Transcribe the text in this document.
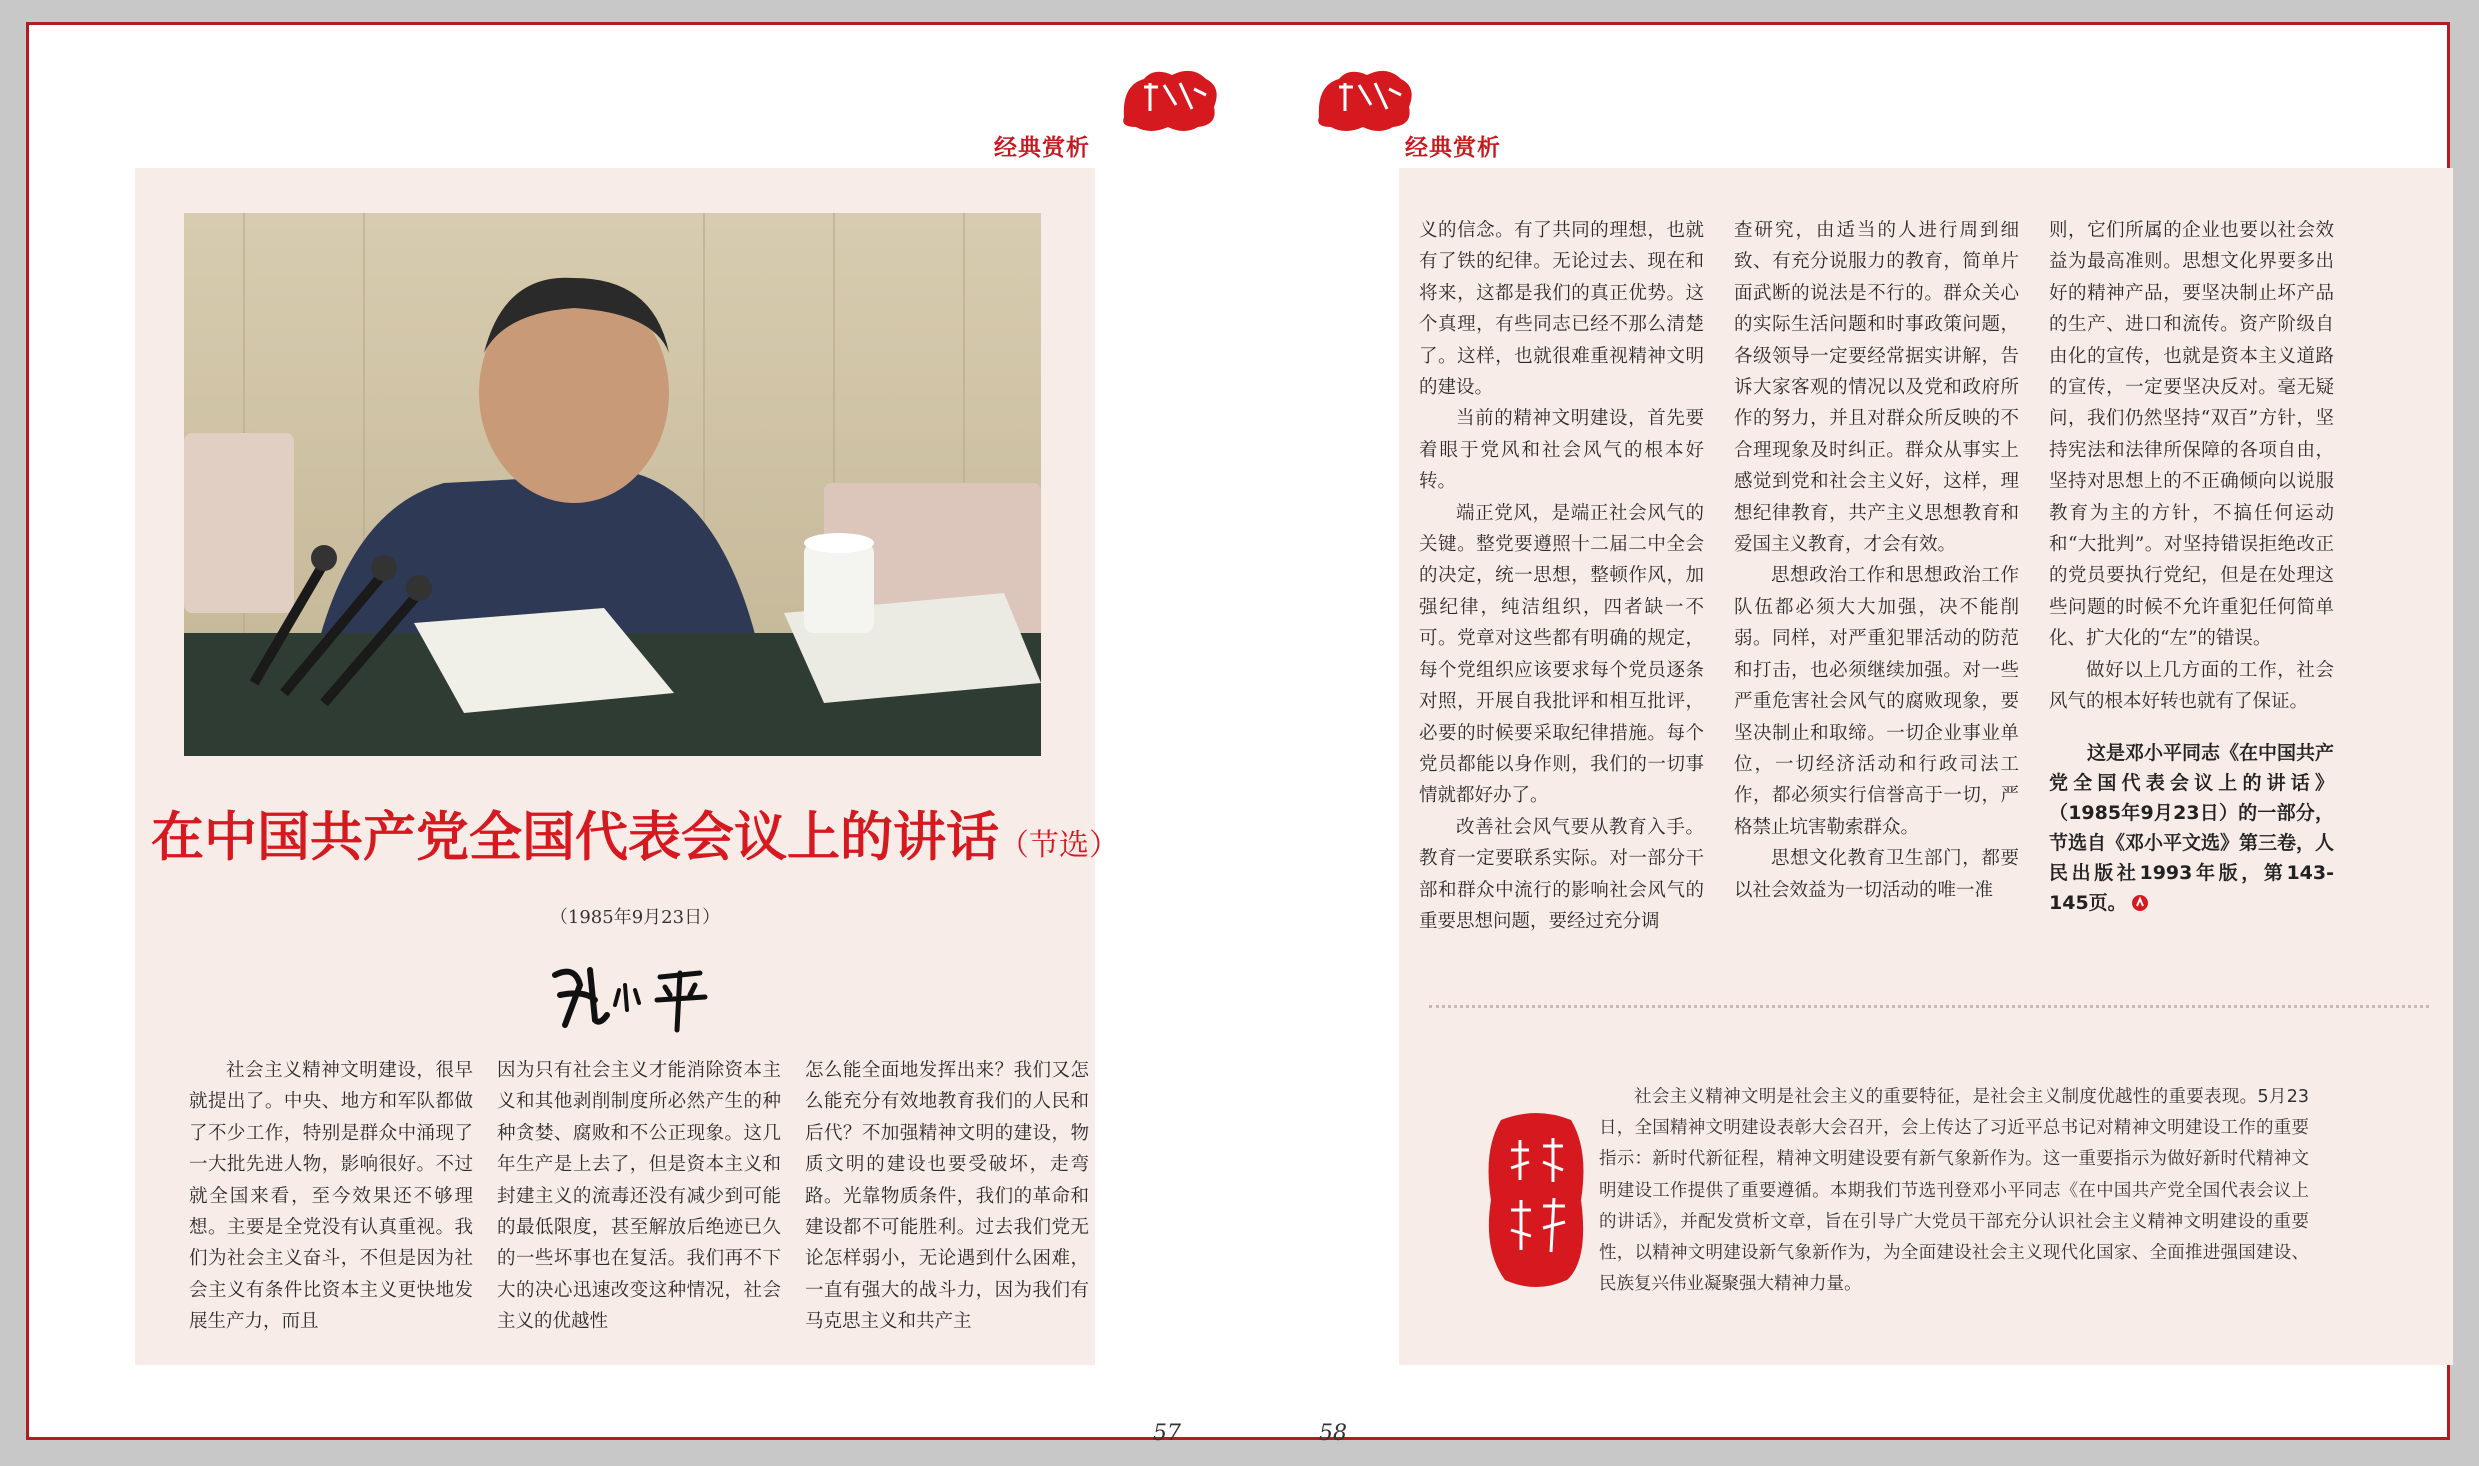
经典赏析
在中国共产党全国代表会议上的讲话（节选）
（1985年9月23日）

社会主义精神文明建设，很早就提出了。中央、地方和军队都做了不少工作，特别是群众中涌现了一大批先进人物，影响很好。不过就全国来看，至今效果还不够理想。主要是全党没有认真重视。我们为社会主义奋斗，不但是因为社会主义有条件比资本主义更快地发展生产力，而且

因为只有社会主义才能消除资本主义和其他剥削制度所必然产生的种种贪婪、腐败和不公正现象。这几年生产是上去了，但是资本主义和封建主义的流毒还没有减少到可能的最低限度，甚至解放后绝迹已久的一些坏事也在复活。我们再不下大的决心迅速改变这种情况，社会主义的优越性

怎么能全面地发挥出来？我们又怎么能充分有效地教育我们的人民和后代？不加强精神文明的建设，物质文明的建设也要受破坏，走弯路。光靠物质条件，我们的革命和建设都不可能胜利。过去我们党无论怎样弱小，无论遇到什么困难，一直有强大的战斗力，因为我们有马克思主义和共产主

57
经典赏析

义的信念。有了共同的理想，也就有了铁的纪律。无论过去、现在和将来，这都是我们的真正优势。这个真理，有些同志已经不那么清楚了。这样，也就很难重视精神文明的建设。

当前的精神文明建设，首先要着眼于党风和社会风气的根本好转。

端正党风，是端正社会风气的关键。整党要遵照十二届二中全会的决定，统一思想，整顿作风，加强纪律，纯洁组织，四者缺一不可。党章对这些都有明确的规定，每个党组织应该要求每个党员逐条对照，开展自我批评和相互批评，必要的时候要采取纪律措施。每个党员都能以身作则，我们的一切事情就都好办了。

改善社会风气要从教育入手。教育一定要联系实际。对一部分干部和群众中流行的影响社会风气的重要思想问题，要经过充分调

查研究，由适当的人进行周到细致、有充分说服力的教育，简单片面武断的说法是不行的。群众关心的实际生活问题和时事政策问题，各级领导一定要经常据实讲解，告诉大家客观的情况以及党和政府所作的努力，并且对群众所反映的不合理现象及时纠正。群众从事实上感觉到党和社会主义好，这样，理想纪律教育，共产主义思想教育和爱国主义教育，才会有效。

思想政治工作和思想政治工作队伍都必须大大加强，决不能削弱。同样，对严重犯罪活动的防范和打击，也必须继续加强。对一些严重危害社会风气的腐败现象，要坚决制止和取缔。一切企业事业单位，一切经济活动和行政司法工作，都必须实行信誉高于一切，严格禁止坑害勒索群众。

思想文化教育卫生部门，都要以社会效益为一切活动的唯一准

则，它们所属的企业也要以社会效益为最高准则。思想文化界要多出好的精神产品，要坚决制止坏产品的生产、进口和流传。资产阶级自由化的宣传，也就是资本主义道路的宣传，一定要坚决反对。毫无疑问，我们仍然坚持“双百”方针，坚持宪法和法律所保障的各项自由，坚持对思想上的不正确倾向以说服教育为主的方针，不搞任何运动和“大批判”。对坚持错误拒绝改正的党员要执行党纪，但是在处理这些问题的时候不允许重犯任何简单化、扩大化的“左”的错误。

做好以上几方面的工作，社会风气的根本好转也就有了保证。

这是邓小平同志《在中国共产党全国代表会议上的讲话》（1985年9月23日）的一部分，节选自《邓小平文选》第三卷，人民出版社1993年版，第143-145页。

社会主义精神文明是社会主义的重要特征，是社会主义制度优越性的重要表现。5月23日，全国精神文明建设表彰大会召开，会上传达了习近平总书记对精神文明建设工作的重要指示：新时代新征程，精神文明建设要有新气象新作为。这一重要指示为做好新时代精神文明建设工作提供了重要遵循。本期我们节选刊登邓小平同志《在中国共产党全国代表会议上的讲话》，并配发赏析文章，旨在引导广大党员干部充分认识社会主义精神文明建设的重要性，以精神文明建设新气象新作为，为全面建设社会主义现代化国家、全面推进强国建设、民族复兴伟业凝聚强大精神力量。

58
